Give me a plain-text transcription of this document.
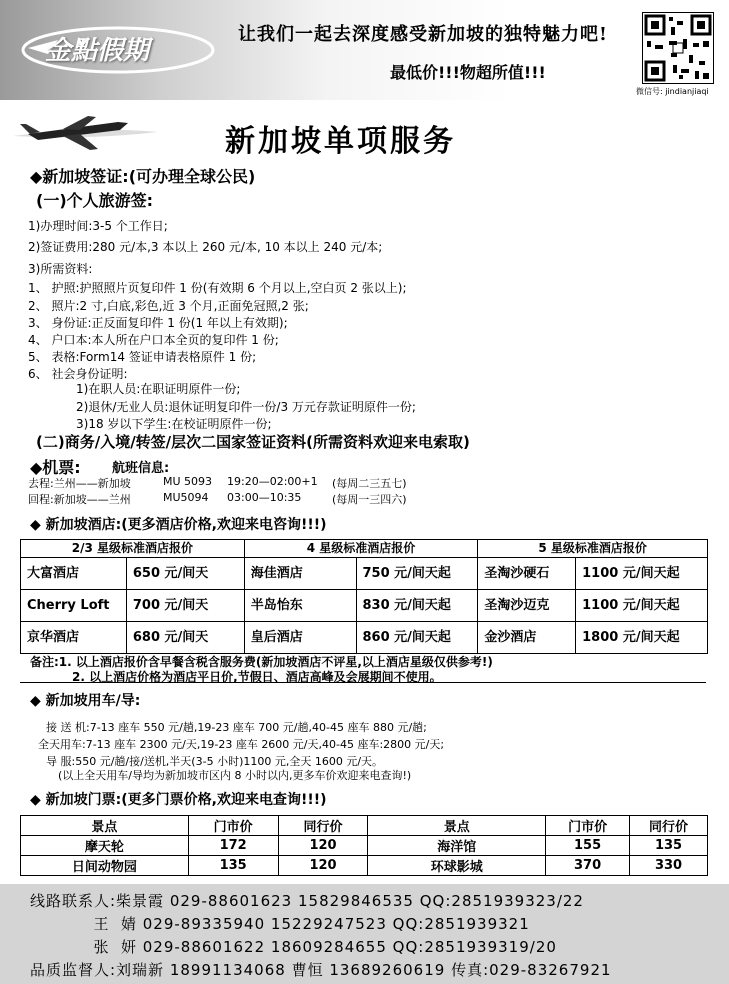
金點假期
让我们一起去深度感受新加坡的独特魅力吧!
最低价!!!物超所值!!!
微信号: jindianjiaqi
新加坡单项服务
◆新加坡签证:(可办理全球公民)
(一)个人旅游签:
1)办理时间:3-5 个工作日;
2)签证费用:280 元/本,3 本以上 260 元/本, 10 本以上 240 元/本;
3)所需资料:
1、 护照:护照照片页复印件 1 份(有效期 6 个月以上,空白页 2 张以上);
2、 照片:2 寸,白底,彩色,近 3 个月,正面免冠照,2 张;
3、 身份证:正反面复印件 1 份(1 年以上有效期);
4、 户口本:本人所在户口本全页的复印件 1 份;
5、 表格:Form14 签证申请表格原件 1 份;
6、 社会身份证明:
1)在职人员:在职证明原件一份;
2)退休/无业人员:退休证明复印件一份/3 万元存款证明原件一份;
3)18 岁以下学生:在校证明原件一份;
(二)商务/入境/转签/层次二国家签证资料(所需资料欢迎来电索取)
◆机票: 航班信息:
去程:兰州——新加坡	MU 5093 19:20—02:00+1 (每周二三五七)
回程:新加坡——兰州	MU5094 03:00—10:35	(每周一三四六)
◆ 新加坡酒店:(更多酒店价格,欢迎来电咨询!!!)
2/3 星级标准酒店报价		4 星级标准酒店报价		5 星级标准酒店报价	
大富酒店	650 元/间天	海佳酒店	750 元/间天起	圣淘沙硬石	1100 元/间天起
Cherry Loft	700 元/间天	半岛怡东	830 元/间天起	圣淘沙迈克	1100 元/间天起
京华酒店	680 元/间天	皇后酒店	860 元/间天起	金沙酒店	1800 元/间天起
备注:1. 以上酒店报价含早餐含税含服务费(新加坡酒店不评星,以上酒店星级仅供参考!)
2. 以上酒店价格为酒店平日价,节假日、酒店高峰及会展期间不使用。
◆ 新加坡用车/导:
接 送 机:7-13 座车 550 元/趟,19-23 座车 700 元/趟,40-45 座车 880 元/趟;
全天用车:7-13 座车 2300 元/天,19-23 座车 2600 元/天,40-45 座车:2800 元/天;
导 服:550 元/趟/接/送机,半天(3-5 小时)1100 元,全天 1600 元/天。
(以上全天用车/导均为新加坡市区内 8 小时以内,更多车价欢迎来电查询!)
◆ 新加坡门票:(更多门票价格,欢迎来电查询!!!)
景点	门市价	同行价	景点	门市价	同行价
摩天轮	172	120	海洋馆	155	135
日间动物园	135	120	环球影城	370	330
线路联系人:柴景霞 029-88601623 15829846535 QQ:2851939323/22
王  婧 029-89335940 15229247523 QQ:2851939321
张  妍 029-88601622 18609284655 QQ:2851939319/20
品质监督人:刘瑞新 18991134068 曹恒 13689260619 传真:029-83267921
